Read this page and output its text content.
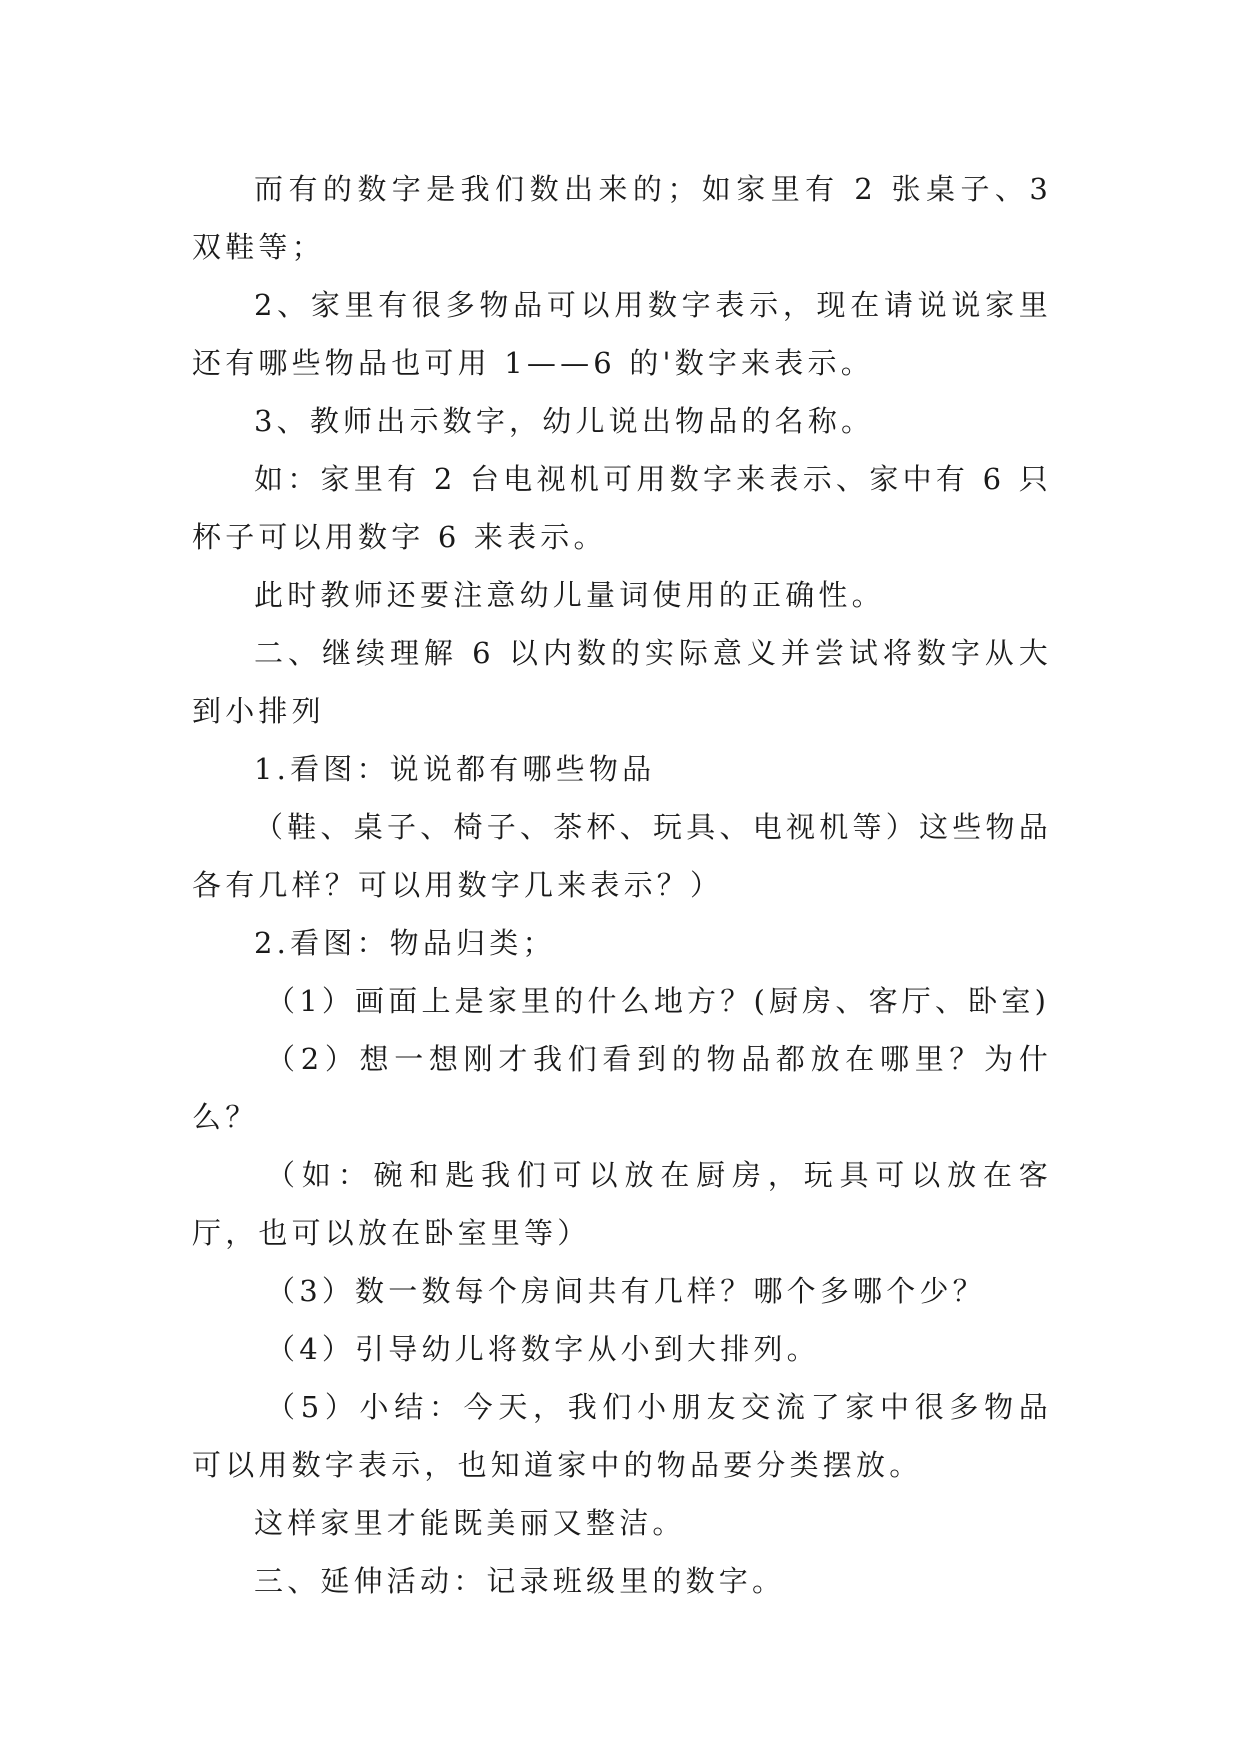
而有的数字是我们数出来的；如家里有 2 张桌子、3 双鞋等；

2、家里有很多物品可以用数字表示，现在请说说家里还有哪些物品也可用 1——6 的'数字来表示。

3、教师出示数字，幼儿说出物品的名称。

如：家里有 2 台电视机可用数字来表示、家中有 6 只杯子可以用数字 6 来表示。

此时教师还要注意幼儿量词使用的正确性。

二、继续理解 6 以内数的实际意义并尝试将数字从大到小排列

1.看图：说说都有哪些物品

（鞋、桌子、椅子、茶杯、玩具、电视机等）这些物品各有几样？可以用数字几来表示？）

2.看图：物品归类；

（1）画面上是家里的什么地方？(厨房、客厅、卧室)

（2）想一想刚才我们看到的物品都放在哪里？为什么？

（如：碗和匙我们可以放在厨房，玩具可以放在客厅，也可以放在卧室里等）

（3）数一数每个房间共有几样？哪个多哪个少？

（4）引导幼儿将数字从小到大排列。

（5）小结：今天，我们小朋友交流了家中很多物品可以用数字表示，也知道家中的物品要分类摆放。

这样家里才能既美丽又整洁。

三、延伸活动：记录班级里的数字。
